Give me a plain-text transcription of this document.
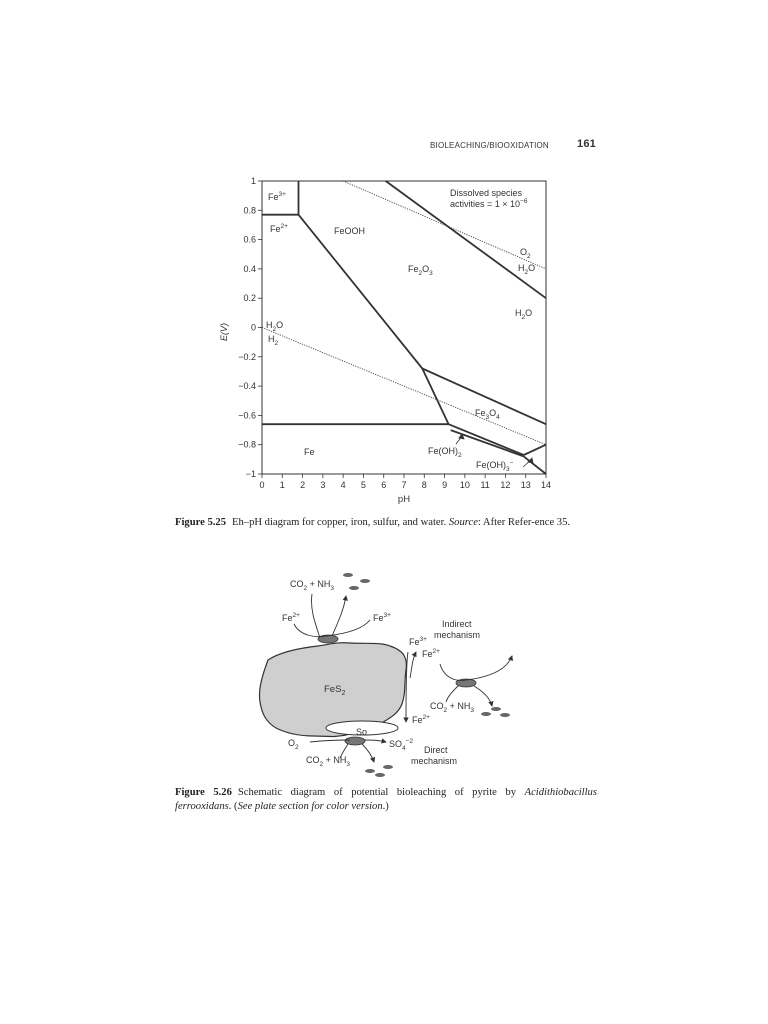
BIOLEACHING/BIOOXIDATION	161
1
0.8
0.6
0.4
0.2
0
−0.2
−0.4
−0.6
−0.8
−1
0 1 2 3 4 5 6 7 8 9 10 11 12 13 14
E(V)
pH
Dissolved species
activities = $1 \times 10^{-6}$
$Fe^{3+}$
$Fe^{2+}$	FeOOH
$Fe_2O_3$
$O_2$
$H_2O$
$H_2O$
$H_2O$
$H_2$
$Fe_3O_4$
Fe	$Fe(OH)_2$
$Fe(OH)_3^-$
Figure 5.25 Eh–pH diagram for copper, iron, sulfur, and water. Source: After Refer-ence 35.
$CO_2 + NH_3$
$Fe^{2+}$	$Fe^{3+}$
Indirect
mechanism
$Fe^{3+}$
$Fe^{2+}$
FeS$_2$
$CO_2 + NH_3$
$Fe^{2+}$
So
$O_2$	$SO_4^{-2}$
Direct
mechanism
$CO_2 + NH_3$
Figure 5.26 Schematic diagram of potential bioleaching of pyrite by Acidithiobacillus ferrooxidans. (See plate section for color version.)
